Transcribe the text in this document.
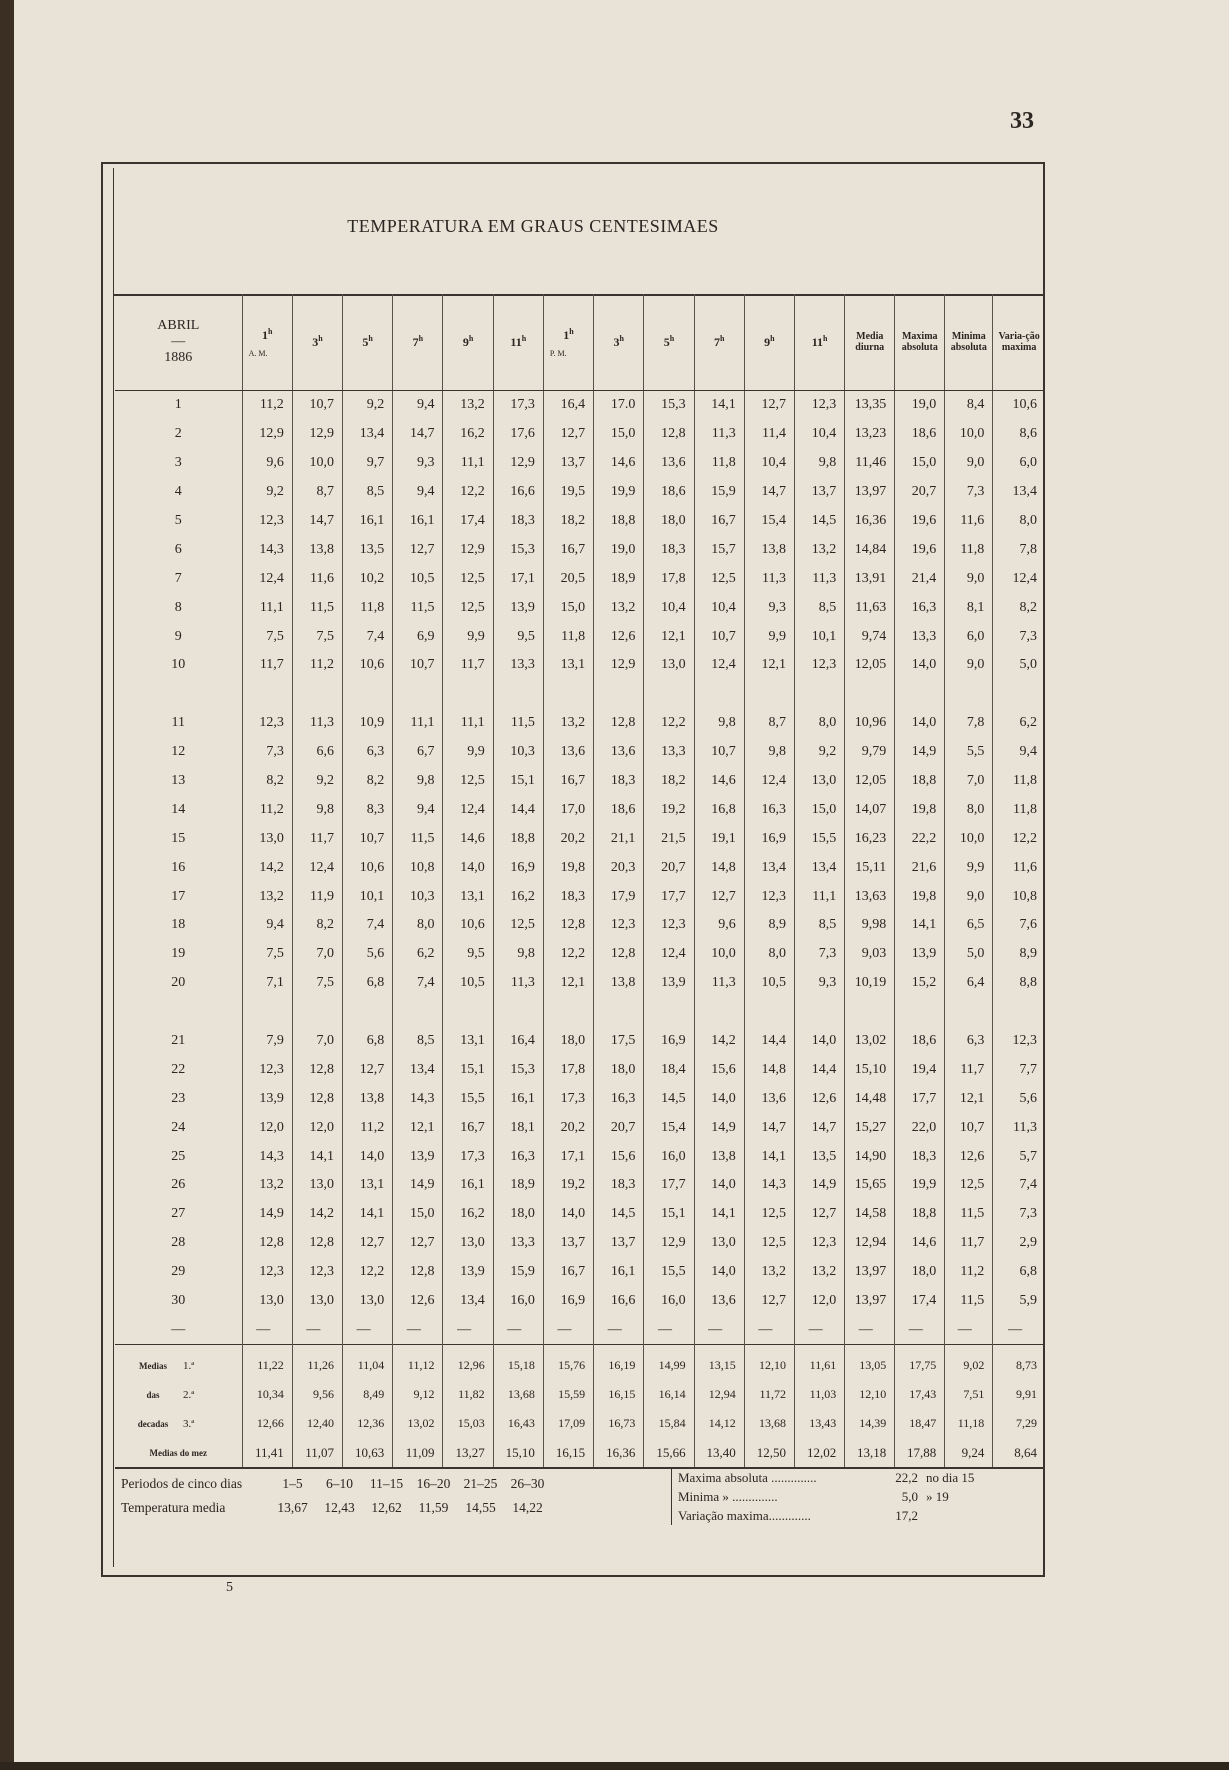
33
TEMPERATURA EM GRAUS CENTESIMAES
ABRIL
—
1886	1$^h$
A. M.	3$^h$	5$^h$	7$^h$	9$^h$	11$^h$	1$^h$
P. M.	3$^h$	5$^h$	7$^h$	9$^h$	11$^h$	Media diurna	Maxima absoluta	Minima absoluta	Varia-ção maxima
1	11,2	10,7	9,2	9,4	13,2	17,3	16,4	17.0	15,3	14,1	12,7	12,3	13,35	19,0	8,4	10,6
2	12,9	12,9	13,4	14,7	16,2	17,6	12,7	15,0	12,8	11,3	11,4	10,4	13,23	18,6	10,0	8,6
3	9,6	10,0	9,7	9,3	11,1	12,9	13,7	14,6	13,6	11,8	10,4	9,8	11,46	15,0	9,0	6,0
4	9,2	8,7	8,5	9,4	12,2	16,6	19,5	19,9	18,6	15,9	14,7	13,7	13,97	20,7	7,3	13,4
5	12,3	14,7	16,1	16,1	17,4	18,3	18,2	18,8	18,0	16,7	15,4	14,5	16,36	19,6	11,6	8,0
6	14,3	13,8	13,5	12,7	12,9	15,3	16,7	19,0	18,3	15,7	13,8	13,2	14,84	19,6	11,8	7,8
7	12,4	11,6	10,2	10,5	12,5	17,1	20,5	18,9	17,8	12,5	11,3	11,3	13,91	21,4	9,0	12,4
8	11,1	11,5	11,8	11,5	12,5	13,9	15,0	13,2	10,4	10,4	9,3	8,5	11,63	16,3	8,1	8,2
9	7,5	7,5	7,4	6,9	9,9	9,5	11,8	12,6	12,1	10,7	9,9	10,1	9,74	13,3	6,0	7,3
10	11,7	11,2	10,6	10,7	11,7	13,3	13,1	12,9	13,0	12,4	12,1	12,3	12,05	14,0	9,0	5,0

11	12,3	11,3	10,9	11,1	11,1	11,5	13,2	12,8	12,2	9,8	8,7	8,0	10,96	14,0	7,8	6,2
12	7,3	6,6	6,3	6,7	9,9	10,3	13,6	13,6	13,3	10,7	9,8	9,2	9,79	14,9	5,5	9,4
13	8,2	9,2	8,2	9,8	12,5	15,1	16,7	18,3	18,2	14,6	12,4	13,0	12,05	18,8	7,0	11,8
14	11,2	9,8	8,3	9,4	12,4	14,4	17,0	18,6	19,2	16,8	16,3	15,0	14,07	19,8	8,0	11,8
15	13,0	11,7	10,7	11,5	14,6	18,8	20,2	21,1	21,5	19,1	16,9	15,5	16,23	22,2	10,0	12,2
16	14,2	12,4	10,6	10,8	14,0	16,9	19,8	20,3	20,7	14,8	13,4	13,4	15,11	21,6	9,9	11,6
17	13,2	11,9	10,1	10,3	13,1	16,2	18,3	17,9	17,7	12,7	12,3	11,1	13,63	19,8	9,0	10,8
18	9,4	8,2	7,4	8,0	10,6	12,5	12,8	12,3	12,3	9,6	8,9	8,5	9,98	14,1	6,5	7,6
19	7,5	7,0	5,6	6,2	9,5	9,8	12,2	12,8	12,4	10,0	8,0	7,3	9,03	13,9	5,0	8,9
20	7,1	7,5	6,8	7,4	10,5	11,3	12,1	13,8	13,9	11,3	10,5	9,3	10,19	15,2	6,4	8,8

21	7,9	7,0	6,8	8,5	13,1	16,4	18,0	17,5	16,9	14,2	14,4	14,0	13,02	18,6	6,3	12,3
22	12,3	12,8	12,7	13,4	15,1	15,3	17,8	18,0	18,4	15,6	14,8	14,4	15,10	19,4	11,7	7,7
23	13,9	12,8	13,8	14,3	15,5	16,1	17,3	16,3	14,5	14,0	13,6	12,6	14,48	17,7	12,1	5,6
24	12,0	12,0	11,2	12,1	16,7	18,1	20,2	20,7	15,4	14,9	14,7	14,7	15,27	22,0	10,7	11,3
25	14,3	14,1	14,0	13,9	17,3	16,3	17,1	15,6	16,0	13,8	14,1	13,5	14,90	18,3	12,6	5,7
26	13,2	13,0	13,1	14,9	16,1	18,9	19,2	18,3	17,7	14,0	14,3	14,9	15,65	19,9	12,5	7,4
27	14,9	14,2	14,1	15,0	16,2	18,0	14,0	14,5	15,1	14,1	12,5	12,7	14,58	18,8	11,5	7,3
28	12,8	12,8	12,7	12,7	13,0	13,3	13,7	13,7	12,9	13,0	12,5	12,3	12,94	14,6	11,7	2,9
29	12,3	12,3	12,2	12,8	13,9	15,9	16,7	16,1	15,5	14,0	13,2	13,2	13,97	18,0	11,2	6,8
30	13,0	13,0	13,0	12,6	13,4	16,0	16,9	16,6	16,0	13,6	12,7	12,0	13,97	17,4	11,5	5,9
—	—	—	—	—	—	—	—	—	—	—	—	—	—	—	—	—
Medias 1.ª	11,22	11,26	11,04	11,12	12,96	15,18	15,76	16,19	14,99	13,15	12,10	11,61	13,05	17,75	9,02	8,73
das 2.ª	10,34	9,56	8,49	9,12	11,82	13,68	15,59	16,15	16,14	12,94	11,72	11,03	12,10	17,43	7,51	9,91
decadas 3.ª	12,66	12,40	12,36	13,02	15,03	16,43	17,09	16,73	15,84	14,12	13,68	13,43	14,39	18,47	11,18	7,29
Medias do mez	11,41	11,07	10,63	11,09	13,27	15,10	16,15	16,36	15,66	13,40	12,50	12,02	13,18	17,88	9,24	8,64
Periodos de cinco dias	1–5 6–10 11–15 16–20 21–25 26–30
Temperatura media	13,67 12,43 12,62 11,59 14,55 14,22
Maxima absoluta ..............	22,2 no dia 15
Minima » ..............	5,0 » 19
Variação maxima.............	17,2
5
